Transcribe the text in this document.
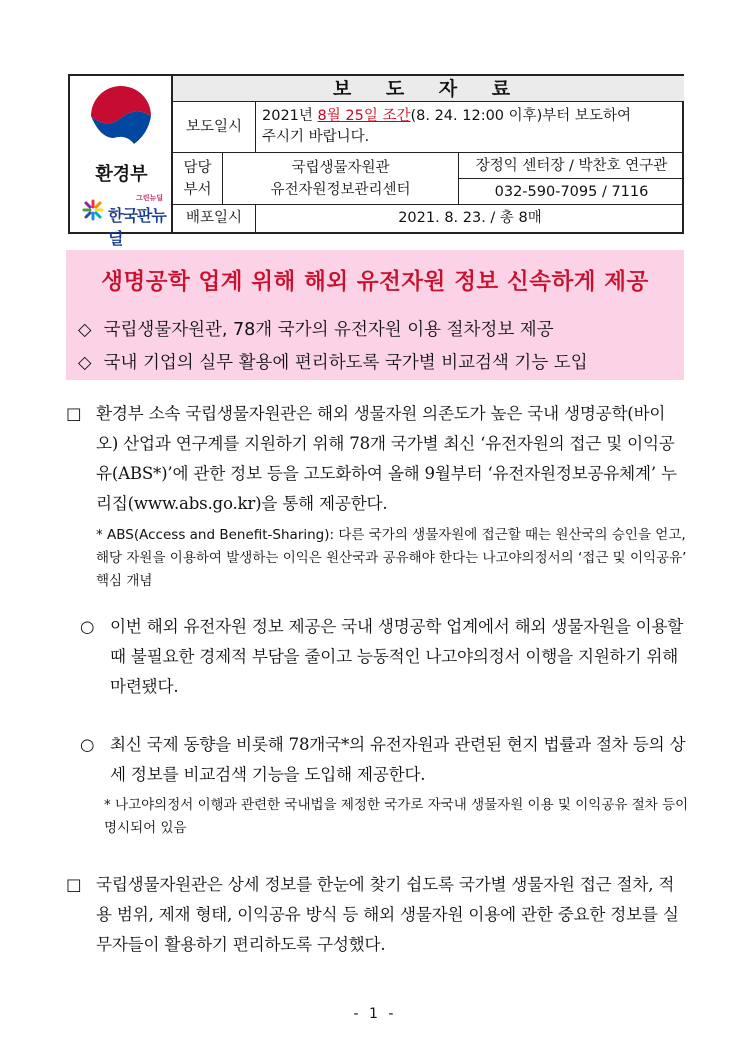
환경부
그린뉴딜
한국판뉴딜
보 도 자 료
보도일시
2021년 8월 25일 조간(8. 24. 12:00 이후)부터 보도하여
주시기 바랍니다.
담당
부서
국립생물자원관
유전자원정보관리센터
장정익 센터장 / 박찬호 연구관
032-590-7095 / 7116
배포일시	2021. 8. 23. / 총 8매
생명공학 업계 위해 해외 유전자원 정보 신속하게 제공
◇ 국립생물자원관, 78개 국가의 유전자원 이용 절차정보 제공
◇ 국내 기업의 실무 활용에 편리하도록 국가별 비교검색 기능 도입
□ 환경부 소속 국립생물자원관은 해외 생물자원 의존도가 높은 국내 생명공학(바이오) 산업과 연구계를 지원하기 위해 78개 국가별 최신 ‘유전자원의 접근 및 이익공유(ABS*)’에 관한 정보 등을 고도화하여 올해 9월부터 ‘유전자원정보공유체계’ 누리집(www.abs.go.kr)을 통해 제공한다.
* ABS(Access and Benefit-Sharing): 다른 국가의 생물자원에 접근할 때는 원산국의 승인을 얻고, 해당 자원을 이용하여 발생하는 이익은 원산국과 공유해야 한다는 나고야의정서의 ‘접근 및 이익공유’ 핵심 개념
○ 이번 해외 유전자원 정보 제공은 국내 생명공학 업계에서 해외 생물자원을 이용할 때 불필요한 경제적 부담을 줄이고 능동적인 나고야의정서 이행을 지원하기 위해 마련됐다.
○ 최신 국제 동향을 비롯해 78개국*의 유전자원과 관련된 현지 법률과 절차 등의 상세 정보를 비교검색 기능을 도입해 제공한다.
* 나고야의정서 이행과 관련한 국내법을 제정한 국가로 자국내 생물자원 이용 및 이익공유 절차 등이 명시되어 있음
□ 국립생물자원관은 상세 정보를 한눈에 찾기 쉽도록 국가별 생물자원 접근 절차, 적용 범위, 제재 형태, 이익공유 방식 등 해외 생물자원 이용에 관한 중요한 정보를 실무자들이 활용하기 편리하도록 구성했다.
- 1 -
